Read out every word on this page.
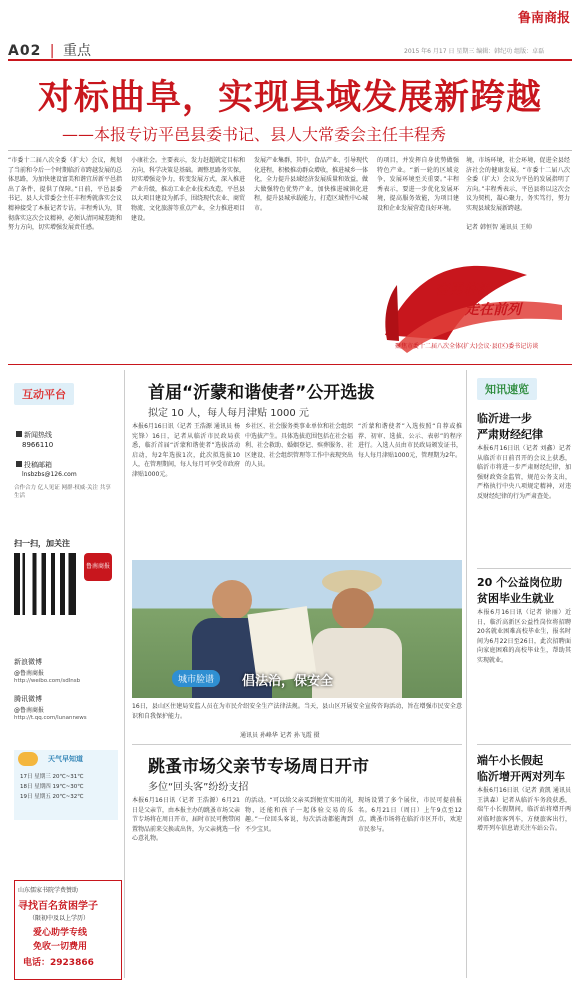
鲁南商报
A02 | 重点	2015 年6 月17 日 星期三 编辑：韩纪功 组版：卓磊
对标曲阜，实现县域发展新跨越
——本报专访平邑县委书记、县人大常委会主任丰程秀
“市委十二届八次全委（扩大）会议，规划了当前和今后一个时期临沂市跨越发展的总体思路，为加快建设富美和谐宜居新平邑指出了条件，提供了保障。”日前，平邑县委书记、县人大常委会主任丰程秀就落实会议精神接受了本报记者专访。丰程秀认为，贯彻落实这次会议精神，必须认清同城差距和努力方向，切实增强发展责任感。
小康社会。主要表示，发力赶超就定目标和方向，科学决策是基础。调整思路务实保，切实增强竞争力，转变发展方式，深入推进产业升级，推动工业企业技术改造，平邑县以大项目建设为抓手，围绕现代农业、商贸物流、文化旅游等重点产业，全力推进项目建设。
发展产业集群，其中，食品产业、引导现代化进程，积极推动群众增收，推进城乡一体化，全力提升县域经济发展质量和效益，做大做强特色优势产业，加快推进城镇化进程，提升县城承载能力，打造区域性中心城市。
的项目，并发挥自身优势做强特色产业。“新一轮的区域竞争，发展环境至关重要。”丰程秀表示，要进一步优化发展环境，提高服务效能，为项目建设和企业发展营造良好环境。
境，市场环境，社会环境，促进全县经济社会的健康发展。“市委十二届八次全委（扩大）会议为平邑的发展指明了方向。”丰程秀表示，平邑县将以这次会议为契机，凝心聚力，务实笃行，努力实现县域发展新跨越。
记者 韩恒智 通讯员 王帅
奋勇临沂
走在前列
聚焦市委十二届八次全体(扩大)会议·县(区)委书记访谈
互动平台
新闻热线
8966110
投稿邮箱
lnsbzbs@126.com
合作合力 亿人见证 网群·权威·关注 共享生活
扫一扫，加关注
鲁南商报
新浪微博
@鲁南商报
http://weibo.com/sdlnsb
腾讯微博
@鲁南商报
http://t.qq.com/lunannews
天气早知道
17日 星期三 20℃~31℃
18日 星期四 19℃~30℃
19日 星期五 20℃~32℃
山东儒家书院学费赞助
寻找百名贫困学子
（限初中及以上学历）
爱心助学专线
免收一切费用
电话：2923866
首届“沂蒙和谐使者”公开选拔
拟定 10 人，每人每月津贴 1000 元
本报6月16日讯（记者 王浩源 通讯员 杨宪锋）16日，记者从临沂市民政局获悉，临沂首届“沂蒙和谐使者”选拔活动启动，每2年选拔1次，此次拟选拔10人，在管理期间，每人每月可享受市政府津贴1000元。
乡社区、社会服务类事业单位和社会组织中选拔产生。具体选拔范围包括在社会福利、社会救助、婚姻登记、殡葬服务、社区建设、社会组织管理等工作中表现突出的人员。
“沂蒙和谐使者”入选按照“自荐或推荐、初审、选拔、公示、表彰”的程序进行。入选人员由市民政局颁发证书，每人每月津贴1000元，管理期为2年。
城市脸谱	倡法治，保安全
16日，县山区住建局安监人员在为市民介绍安全生产法律法规。当天，县山区开展安全宣传咨询活动，旨在增强市民安全意识和自我保护能力。
通讯员 孙峰华 记者 孙飞霞 摄
跳蚤市场父亲节专场周日开市
多位“回头客”纷纷支招
本报6月16日讯（记者 王浩源）6月21日是父亲节，由本报主办的跳蚤市场父亲节专场将在周日开市，届时市民可携带闲置物品前来交换或出售，为父亲挑选一份心意礼物。
的活动。“可以给父亲买到便宜实用的礼物，还能和孩子一起体验交易的乐趣。”一位回头客说，每次活动都能淘到不少宝贝。
现场设置了多个展位，市民可提前报名。6月21日（周日）上午9点至12点，跳蚤市场将在临沂市区开市，欢迎市民参与。
知讯速览
临沂进一步
严肃财经纪律
本报6月16日讯（记者 刘鑫）记者从临沂市日前召开的会议上获悉，临沂市将进一步严肃财经纪律，加强财政资金监管，规范公务支出，严格执行中央八项规定精神，对违反财经纪律的行为严肃查处。
20 个公益岗位助
贫困毕业生就业
本报6月16日讯（记者 徐丽）近日，临沂高新区公益性岗位将招聘20名就业困难高校毕业生，报名时间为6月22日至26日，此次招聘面向家庭困难的高校毕业生，帮助其实现就业。
端午小长假起
临沂增开两对列车
本报6月16日讯（记者 黄凯 通讯员 王洪森）记者从临沂车务段获悉，端午小长假期间，临沂站将增开两对临时旅客列车，方便旅客出行，增开列车信息请关注车站公告。
